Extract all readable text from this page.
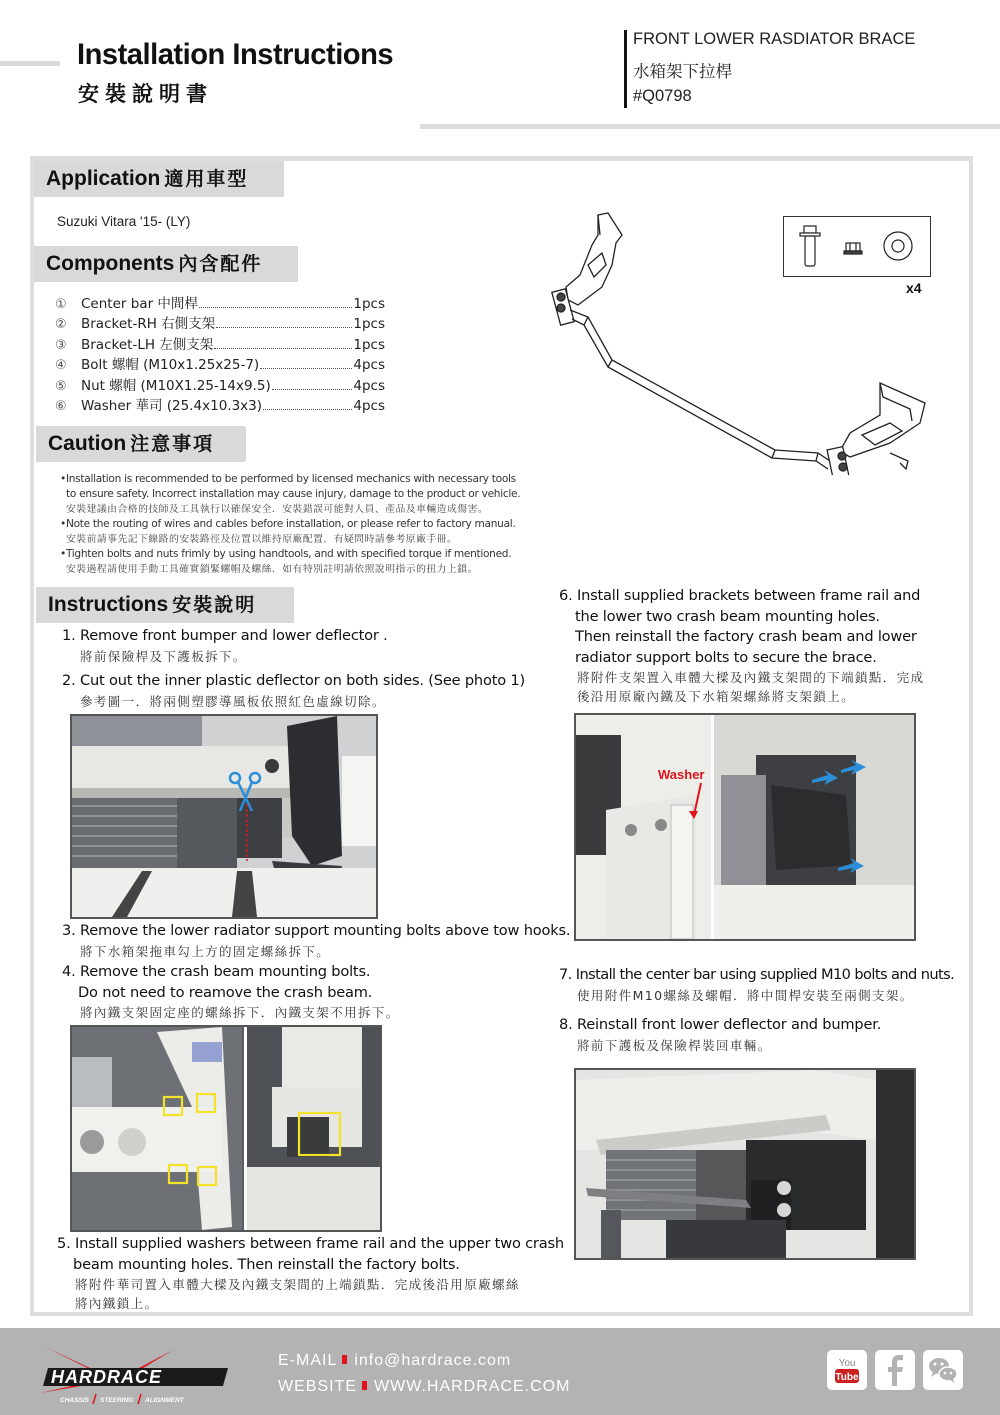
Installation Instructions
安裝說明書
FRONT LOWER RASDIATOR BRACE
水箱架下拉桿
#Q0798
Application 適用車型
Suzuki Vitara '15- (LY)
Components 內含配件
①	Center bar 中間桿	1pcs
②	Bracket-RH 右側支架	1pcs
③	Bracket-LH 左側支架	1pcs
④	Bolt 螺帽 (M10x1.25x25-7)	4pcs
⑤	Nut 螺帽 (M10X1.25-14x9.5)	4pcs
⑥	Washer 華司 (25.4x10.3x3)	4pcs
x4
Caution 注意事項
•Installation is recommended to be performed by licensed mechanics with necessary tools
to ensure safety. Incorrect installation may cause injury, damage to the product or vehicle.
安裝建議由合格的技師及工具執行以確保安全．安裝錯誤可能對人員、產品及車輛造成傷害。
•Note the routing of wires and cables before installation, or please refer to factory manual.
安裝前請事先記下線路的安裝路徑及位置以維持原廠配置．有疑問時請參考原廠手冊。
•Tighten bolts and nuts frimly by using handtools, and with specified torque if mentioned.
安裝過程請使用手動工具確實鎖緊螺帽及螺絲．如有特別註明請依照說明指示的扭力上鎖。
Instructions 安裝說明
1. Remove front bumper and lower deflector .
將前保險桿及下護板拆下。
2. Cut out the inner plastic deflector on both sides. (See photo 1)
參考圖一．將兩側塑膠導風板依照紅色虛線切除。
3. Remove the lower radiator support mounting bolts above tow hooks.
將下水箱架拖車勾上方的固定螺絲拆下。
4. Remove the crash beam mounting bolts.
Do not need to reamove the crash beam.
將內鐵支架固定座的螺絲拆下．內鐵支架不用拆下。
5. Install supplied washers between frame rail and the upper two crash
beam mounting holes. Then reinstall the factory bolts.
將附件華司置入車體大樑及內鐵支架間的上端鎖點．完成後沿用原廠螺絲
將內鐵鎖上。
6. Install supplied brackets between frame rail and
the lower two crash beam mounting holes.
Then reinstall the factory crash beam and lower
radiator support bolts to secure the brace.
將附件支架置入車體大樑及內鐵支架間的下端鎖點．完成
後沿用原廠內鐵及下水箱架螺絲將支架鎖上。
Washer
7. Install the center bar using supplied M10 bolts and nuts.
使用附件M10螺絲及螺帽．將中間桿安裝至兩側支架。
8. Reinstall front lower deflector and bumper.
將前下護板及保險桿裝回車輛。
HARDRACE
CHASSIS STEERING ALIGNMENT
E-MAIL info@hardrace.com
WEBSITE WWW.HARDRACE.COM
You
Tube
